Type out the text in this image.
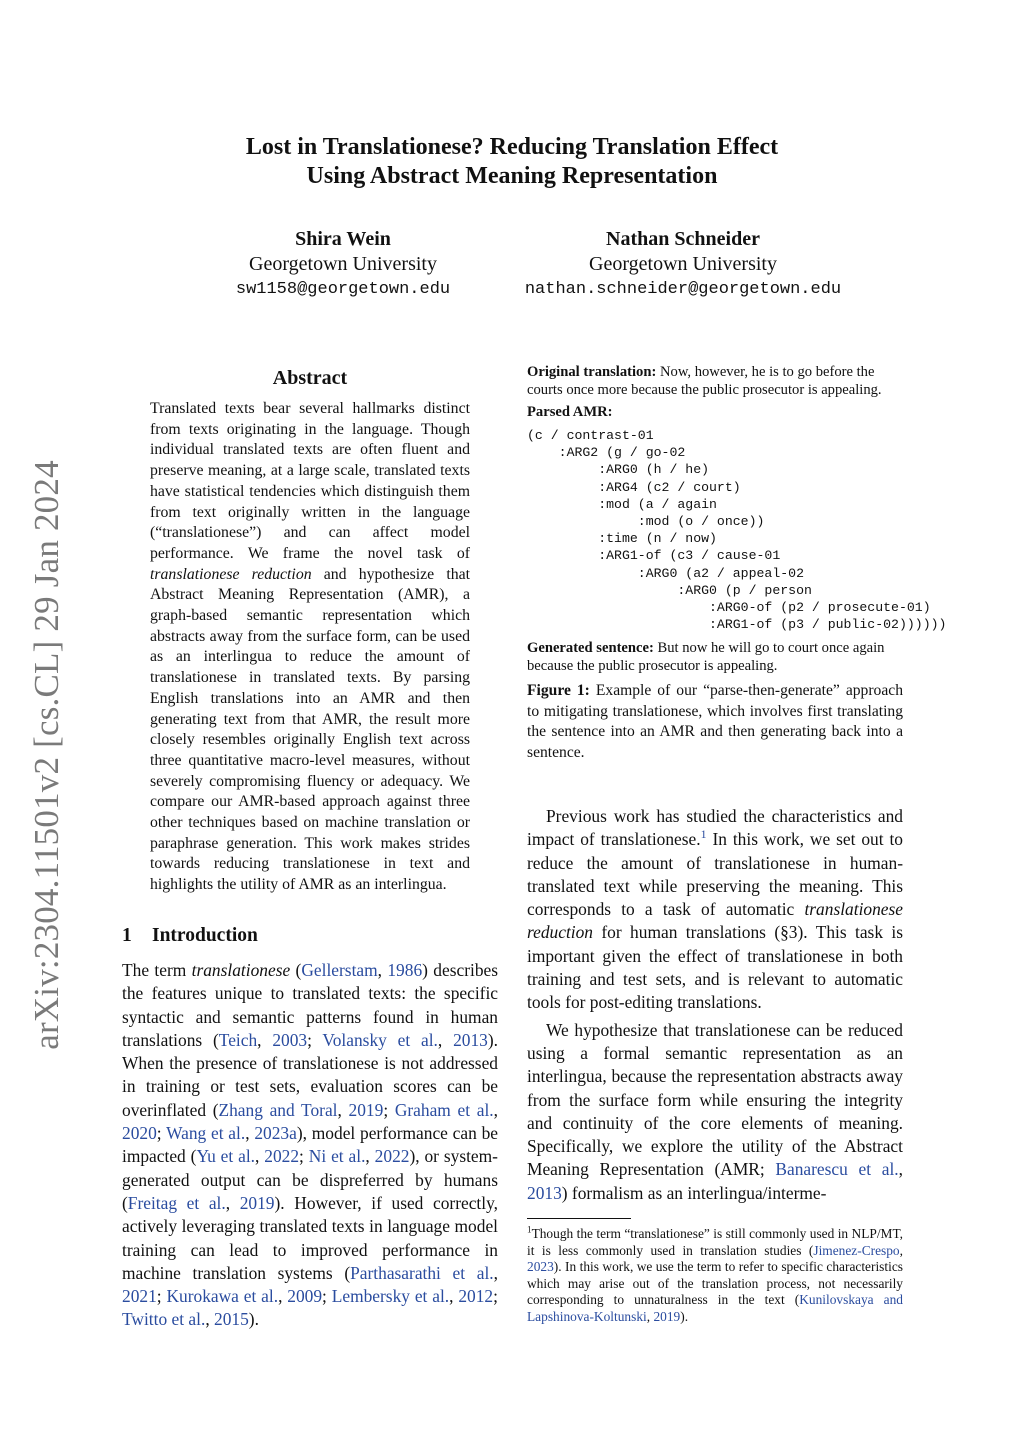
arXiv:2304.11501v2 [cs.CL] 29 Jan 2024
Lost in Translationese? Reducing Translation Effect
Using Abstract Meaning Representation
Shira Wein
Georgetown University
sw1158@georgetown.edu
Nathan Schneider
Georgetown University
nathan.schneider@georgetown.edu
Abstract
Translated texts bear several hallmarks distinct from texts originating in the language. Though individual translated texts are often fluent and preserve meaning, at a large scale, translated texts have statistical tendencies which distinguish them from text originally written in the language (“translationese”) and can affect model performance. We frame the novel task of translationese reduction and hypothesize that Abstract Meaning Representation (AMR), a graph-based semantic representation which abstracts away from the surface form, can be used as an interlingua to reduce the amount of translationese in translated texts. By parsing English translations into an AMR and then generating text from that AMR, the result more closely resembles originally English text across three quantitative macro-level measures, without severely compromising fluency or adequacy. We compare our AMR-based approach against three other techniques based on machine translation or paraphrase generation. This work makes strides towards reducing translationese in text and highlights the utility of AMR as an interlingua.
1 Introduction
The term translationese (Gellerstam, 1986) describes the features unique to translated texts: the specific syntactic and semantic patterns found in human translations (Teich, 2003; Volansky et al., 2013). When the presence of translationese is not addressed in training or test sets, evaluation scores can be overinflated (Zhang and Toral, 2019; Graham et al., 2020; Wang et al., 2023a), model performance can be impacted (Yu et al., 2022; Ni et al., 2022), or system-generated output can be dispreferred by humans (Freitag et al., 2019). However, if used correctly, actively leveraging translated texts in language model training can lead to improved performance in machine translation systems (Parthasarathi et al., 2021; Kurokawa et al., 2009; Lembersky et al., 2012; Twitto et al., 2015).
Original translation: Now, however, he is to go before the courts once more because the public prosecutor is appealing.
Parsed AMR:
(c / contrast-01
:ARG2 (g / go-02
:ARG0 (h / he)
:ARG4 (c2 / court)
:mod (a / again
:mod (o / once))
:time (n / now)
:ARG1-of (c3 / cause-01
:ARG0 (a2 / appeal-02
:ARG0 (p / person
:ARG0-of (p2 / prosecute-01)
:ARG1-of (p3 / public-02))))))
Generated sentence: But now he will go to court once again because the public prosecutor is appealing.
Figure 1: Example of our “parse-then-generate” approach to mitigating translationese, which involves first translating the sentence into an AMR and then generating back into a sentence.

Previous work has studied the characteristics and impact of translationese.$^1$ In this work, we set out to reduce the amount of translationese in human-translated text while preserving the meaning. This corresponds to a task of automatic translationese reduction for human translations (§3). This task is important given the effect of translationese in both training and test sets, and is relevant to automatic tools for post-editing translations.

We hypothesize that translationese can be reduced using a formal semantic representation as an interlingua, because the representation abstracts away from the surface form while ensuring the integrity and continuity of the core elements of meaning. Specifically, we explore the utility of the Abstract Meaning Representation (AMR; Banarescu et al., 2013) formalism as an interlingua/interme-

$^1$Though the term “translationese” is still commonly used in NLP/MT, it is less commonly used in translation studies (Jimenez-Crespo, 2023). In this work, we use the term to refer to specific characteristics which may arise out of the translation process, not necessarily corresponding to unnaturalness in the text (Kunilovskaya and Lapshinova-Koltunski, 2019).
